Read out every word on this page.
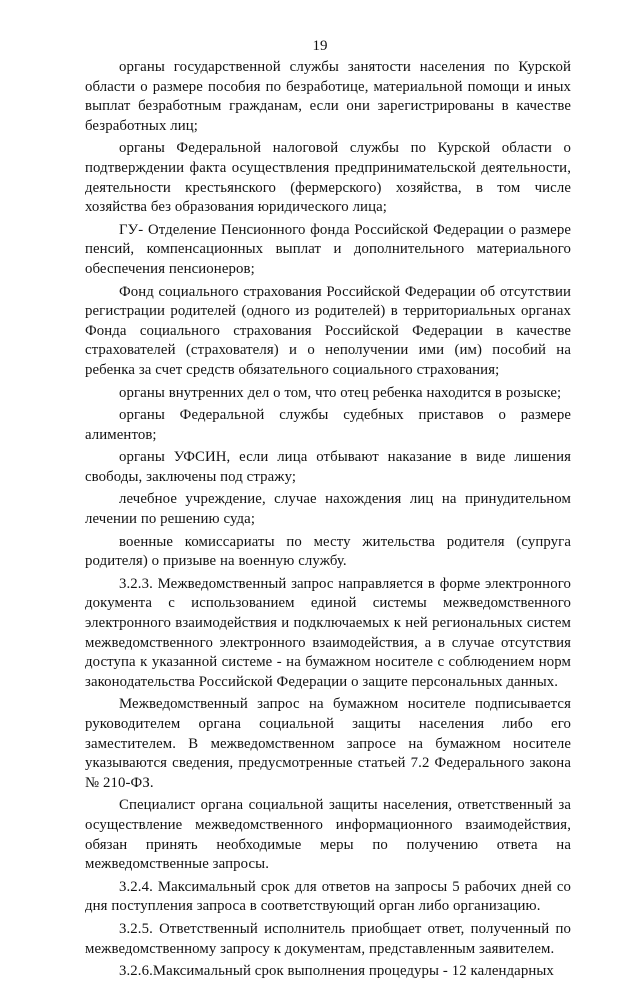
19

органы государственной службы занятости населения по Курской области о размере пособия по безработице, материальной помощи и иных выплат безработным гражданам, если они зарегистрированы в качестве безработных лиц;

органы Федеральной налоговой службы по Курской области о подтверждении факта осуществления предпринимательской деятельности, деятельности крестьянского (фермерского) хозяйства, в том числе хозяйства без образования юридического лица;

ГУ- Отделение Пенсионного фонда Российской Федерации о размере пенсий, компенсационных выплат и дополнительного материального обеспечения пенсионеров;

Фонд социального страхования Российской Федерации об отсутствии регистрации родителей (одного из родителей) в территориальных органах Фонда социального страхования Российской Федерации в качестве страхователей (страхователя) и о неполучении ими (им) пособий на ребенка за счет средств обязательного социального страхования;

органы внутренних дел о том, что отец ребенка находится в розыске;

органы Федеральной службы судебных приставов о размере алиментов;

органы УФСИН, если лица отбывают наказание в виде лишения свободы, заключены под стражу;

лечебное учреждение, случае нахождения лиц на принудительном лечении по решению суда;

военные комиссариаты по месту жительства родителя (супруга родителя) о призыве на военную службу.

3.2.3. Межведомственный запрос направляется в форме электронного документа с использованием единой системы межведомственного электронного взаимодействия и подключаемых к ней региональных систем межведомственного электронного взаимодействия, а в случае отсутствия доступа к указанной системе - на бумажном носителе с соблюдением норм законодательства Российской Федерации о защите персональных данных.

Межведомственный запрос на бумажном носителе подписывается руководителем органа социальной защиты населения либо его заместителем. В межведомственном запросе на бумажном носителе указываются сведения, предусмотренные статьей 7.2 Федерального закона № 210-ФЗ.

Специалист органа социальной защиты населения, ответственный за осуществление межведомственного информационного взаимодействия, обязан принять необходимые меры по получению ответа на межведомственные запросы.

3.2.4. Максимальный срок для ответов на запросы 5 рабочих дней со дня поступления запроса в соответствующий орган либо организацию.

3.2.5. Ответственный исполнитель приобщает ответ, полученный по межведомственному запросу к документам, представленным заявителем.

3.2.6.Максимальный срок выполнения процедуры - 12 календарных
